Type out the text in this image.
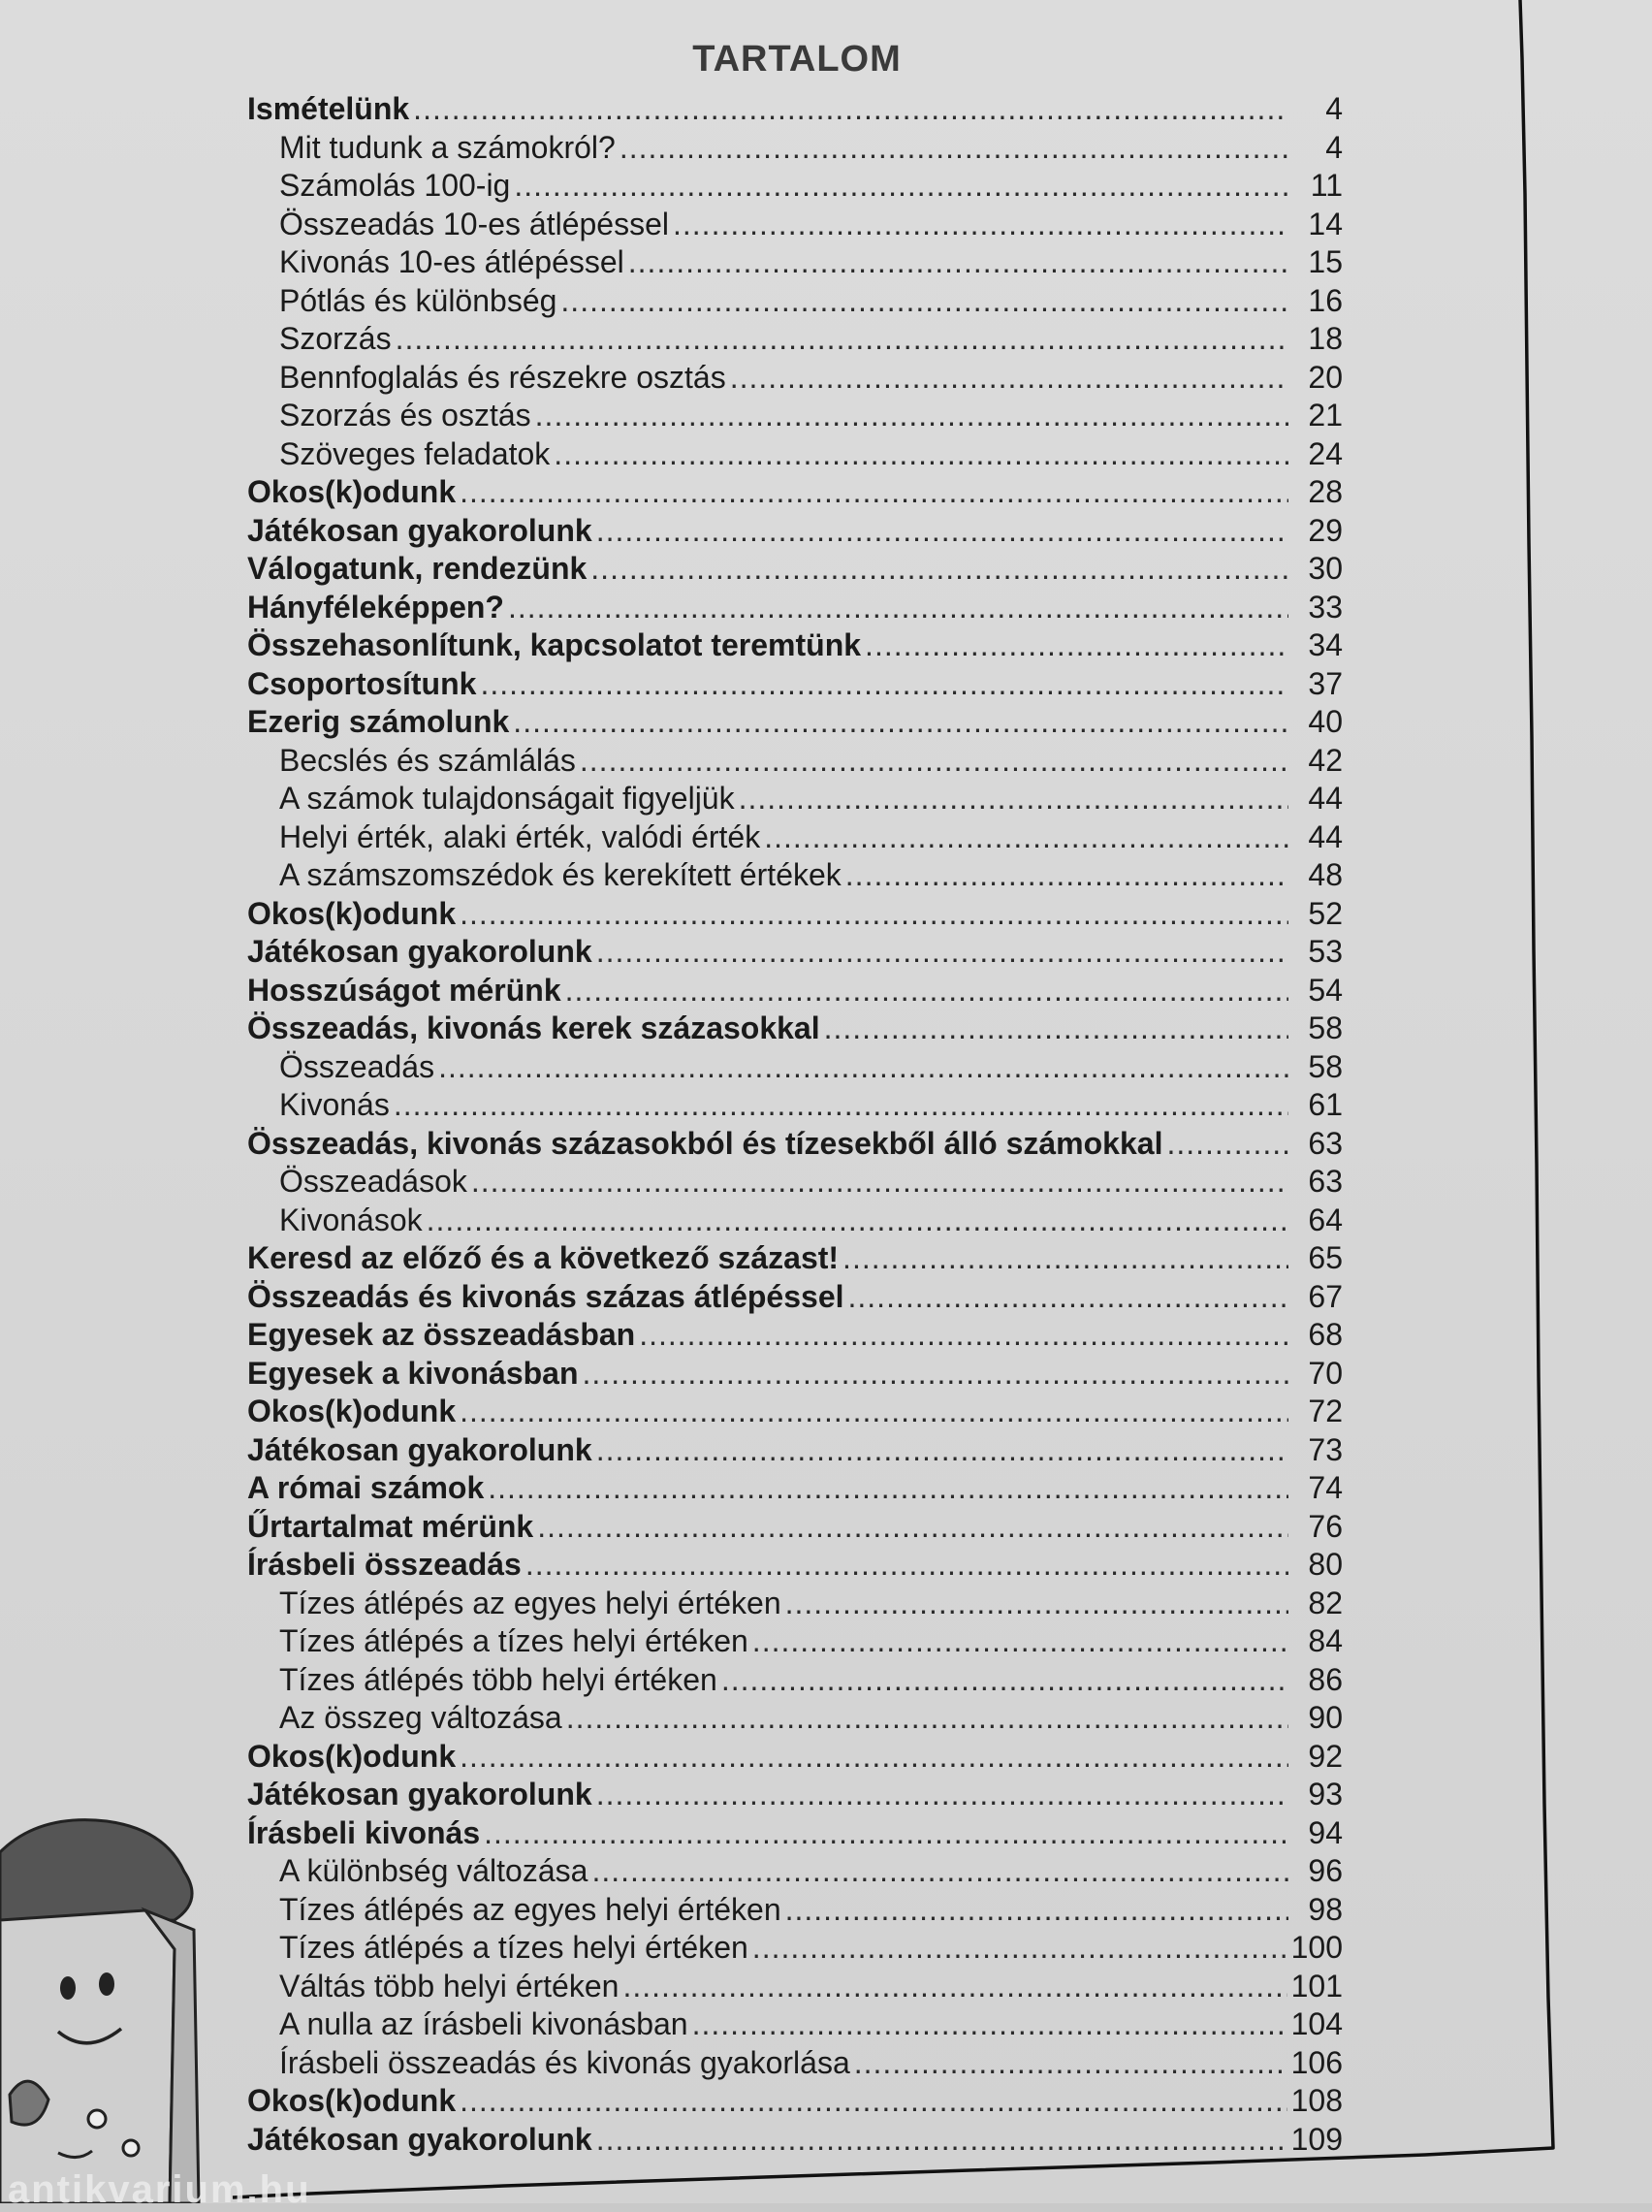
TARTALOM
Ismételünk .....	4
Mit tudunk a számokról? .....	4
Számolás 100-ig .....	11
Összeadás 10-es átlépéssel .....	14
Kivonás 10-es átlépéssel .....	15
Pótlás és különbség .....	16
Szorzás .....	18
Bennfoglalás és részekre osztás .....	20
Szorzás és osztás .....	21
Szöveges feladatok .....	24
Okos(k)odunk .....	28
Játékosan gyakorolunk .....	29
Válogatunk, rendezünk .....	30
Hányféleképpen? .....	33
Összehasonlítunk, kapcsolatot teremtünk .....	34
Csoportosítunk .....	37
Ezerig számolunk .....	40
Becslés és számlálás .....	42
A számok tulajdonságait figyeljük .....	44
Helyi érték, alaki érték, valódi érték .....	44
A számszomszédok és kerekített értékek .....	48
Okos(k)odunk .....	52
Játékosan gyakorolunk .....	53
Hosszúságot mérünk .....	54
Összeadás, kivonás kerek százasokkal .....	58
Összeadás .....	58
Kivonás .....	61
Összeadás, kivonás százasokból és tízesekből álló számokkal .....	63
Összeadások .....	63
Kivonások .....	64
Keresd az előző és a következő százast! .....	65
Összeadás és kivonás százas átlépéssel .....	67
Egyesek az összeadásban .....	68
Egyesek a kivonásban .....	70
Okos(k)odunk .....	72
Játékosan gyakorolunk .....	73
A római számok .....	74
Űrtartalmat mérünk .....	76
Írásbeli összeadás .....	80
Tízes átlépés az egyes helyi értéken .....	82
Tízes átlépés a tízes helyi értéken .....	84
Tízes átlépés több helyi értéken .....	86
Az összeg változása .....	90
Okos(k)odunk .....	92
Játékosan gyakorolunk .....	93
Írásbeli kivonás .....	94
A különbség változása .....	96
Tízes átlépés az egyes helyi értéken .....	98
Tízes átlépés a tízes helyi értéken .....	100
Váltás több helyi értéken .....	101
A nulla az írásbeli kivonásban .....	104
Írásbeli összeadás és kivonás gyakorlása .....	106
Okos(k)odunk .....	108
Játékosan gyakorolunk .....	109
antikvarium.hu
